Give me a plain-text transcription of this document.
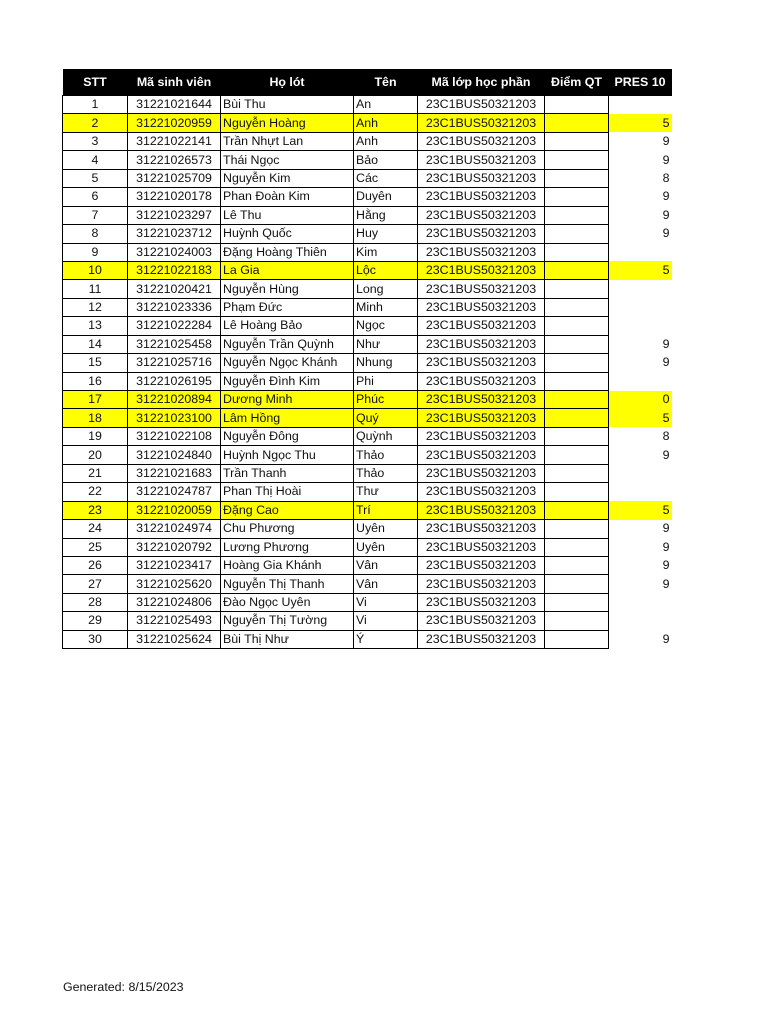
STT	Mã sinh viên	Họ lót	Tên	Mã lớp học phần	Điểm QT	PRES 10
1	31221021644	Bùi Thu	An	23C1BUS50321203		
2	31221020959	Nguyễn Hoàng	Anh	23C1BUS50321203		5
3	31221022141	Trần Nhựt Lan	Anh	23C1BUS50321203		9
4	31221026573	Thái Ngọc	Bảo	23C1BUS50321203		9
5	31221025709	Nguyễn Kim	Các	23C1BUS50321203		8
6	31221020178	Phan Đoàn Kim	Duyên	23C1BUS50321203		9
7	31221023297	Lê Thu	Hằng	23C1BUS50321203		9
8	31221023712	Huỳnh Quốc	Huy	23C1BUS50321203		9
9	31221024003	Đặng Hoàng Thiên	Kim	23C1BUS50321203		
10	31221022183	La Gia	Lộc	23C1BUS50321203		5
11	31221020421	Nguyễn Hùng	Long	23C1BUS50321203		
12	31221023336	Phạm Đức	Minh	23C1BUS50321203		
13	31221022284	Lê Hoàng Bảo	Ngọc	23C1BUS50321203		
14	31221025458	Nguyễn Trần Quỳnh	Như	23C1BUS50321203		9
15	31221025716	Nguyễn Ngọc Khánh	Nhung	23C1BUS50321203		9
16	31221026195	Nguyễn Đình Kim	Phi	23C1BUS50321203		
17	31221020894	Dương Minh	Phúc	23C1BUS50321203		0
18	31221023100	Lâm Hồng	Quý	23C1BUS50321203		5
19	31221022108	Nguyễn Đông	Quỳnh	23C1BUS50321203		8
20	31221024840	Huỳnh Ngọc Thu	Thảo	23C1BUS50321203		9
21	31221021683	Trần Thanh	Thảo	23C1BUS50321203		
22	31221024787	Phan Thị Hoài	Thư	23C1BUS50321203		
23	31221020059	Đặng Cao	Trí	23C1BUS50321203		5
24	31221024974	Chu Phương	Uyên	23C1BUS50321203		9
25	31221020792	Lương Phương	Uyên	23C1BUS50321203		9
26	31221023417	Hoàng Gia Khánh	Vân	23C1BUS50321203		9
27	31221025620	Nguyễn Thị Thanh	Vân	23C1BUS50321203		9
28	31221024806	Đào Ngọc Uyên	Vi	23C1BUS50321203		
29	31221025493	Nguyễn Thị Tường	Vi	23C1BUS50321203		
30	31221025624	Bùi Thị Như	Ý	23C1BUS50321203		9
Generated: 8/15/2023
